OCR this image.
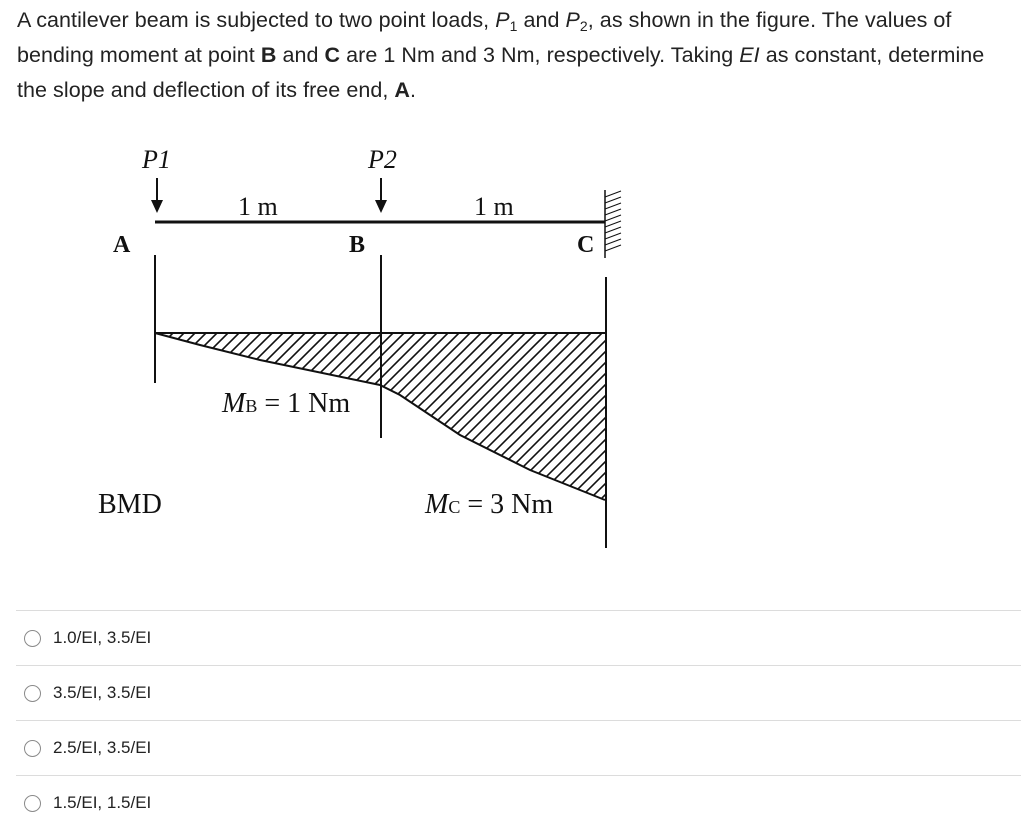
A cantilever beam is subjected to two point loads, $P_1$ and $P_2$, as shown in the figure. The values of bending moment at point B and C are 1 Nm and 3 Nm, respectively. Taking EI as constant, determine the slope and deflection of its free end, A.
P1	P2
1 m	1 m
A	B	C
MB = 1 Nm
MC = 3 Nm
BMD
1.0/EI, 3.5/EI
3.5/EI, 3.5/EI
2.5/EI, 3.5/EI
1.5/EI, 1.5/EI
